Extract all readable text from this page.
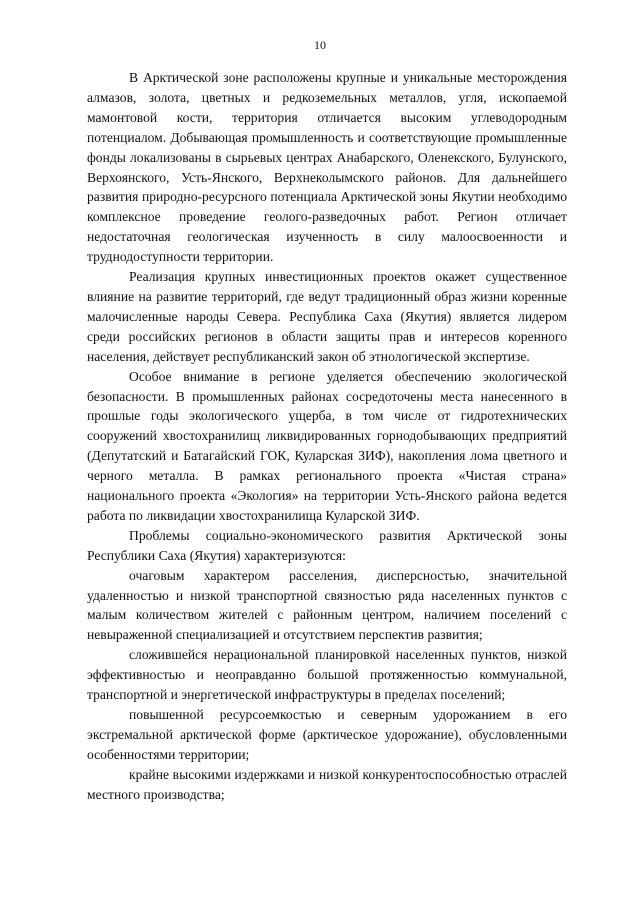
10

В Арктической зоне расположены крупные и уникальные месторождения алмазов, золота, цветных и редкоземельных металлов, угля, ископаемой мамонтовой кости, территория отличается высоким углеводородным потенциалом. Добывающая промышленность и соответствующие промышленные фонды локализованы в сырьевых центрах Анабарского, Оленекского, Булунского, Верхоянского, Усть-Янского, Верхнеколымского районов. Для дальнейшего развития природно-ресурсного потенциала Арктической зоны Якутии необходимо комплексное проведение геолого-разведочных работ. Регион отличает недостаточная геологическая изученность в силу малоосвоенности и труднодоступности территории.

Реализация крупных инвестиционных проектов окажет существенное влияние на развитие территорий, где ведут традиционный образ жизни коренные малочисленные народы Севера. Республика Саха (Якутия) является лидером среди российских регионов в области защиты прав и интересов коренного населения, действует республиканский закон об этнологической экспертизе.

Особое внимание в регионе уделяется обеспечению экологической безопасности. В промышленных районах сосредоточены места нанесенного в прошлые годы экологического ущерба, в том числе от гидротехнических сооружений хвостохранилищ ликвидированных горнодобывающих предприятий (Депутатский и Батагайский ГОК, Куларская ЗИФ), накопления лома цветного и черного металла. В рамках регионального проекта «Чистая страна» национального проекта «Экология» на территории Усть-Янского района ведется работа по ликвидации хвостохранилища Куларской ЗИФ.

Проблемы социально-экономического развития Арктической зоны Республики Саха (Якутия) характеризуются:

очаговым характером расселения, дисперсностью, значительной удаленностью и низкой транспортной связностью ряда населенных пунктов с малым количеством жителей с районным центром, наличием поселений с невыраженной специализацией и отсутствием перспектив развития;

сложившейся нерациональной планировкой населенных пунктов, низкой эффективностью и неоправданно большой протяженностью коммунальной, транспортной и энергетической инфраструктуры в пределах поселений;

повышенной ресурсоемкостью и северным удорожанием в его экстремальной арктической форме (арктическое удорожание), обусловленными особенностями территории;

крайне высокими издержками и низкой конкурентоспособностью отраслей местного производства;
